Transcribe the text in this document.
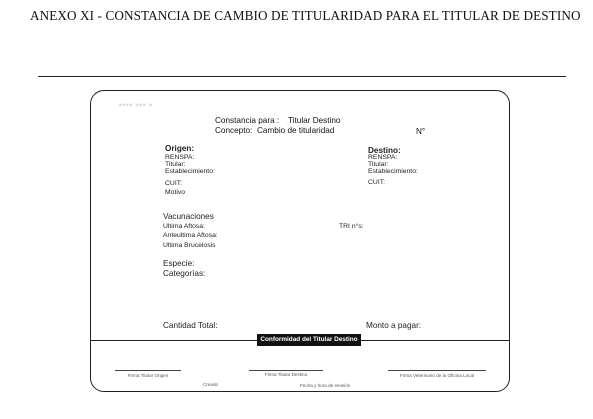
ANEXO XI - CONSTANCIA DE CAMBIO DE TITULARIDAD PARA EL TITULAR DE DESTINO
▪▪▪▪ ▪▪▪ ▪
Constancia para : Titular Destino
Concepto: Cambio de titularidad	N°
Origen:
RENSPA:
Titular:
Establecimiento:
CUIT:
Motivo
Destino:
RENSPA:
Titular:
Establecimiento:
CUIT:
Vacunaciones
Ultima Aftosa:
Anteultima Aftosa:
Ultima Brucelosis
TRI n°s:
Especie:
Categorías:
Cantidad Total:	Monto a pagar:
Conformidad del Titular Destino
Firma Titular Origen	Firma Titular Destino	Firma Veterinario de la Oficina Local
Creado	Fecha y hora de emisión
